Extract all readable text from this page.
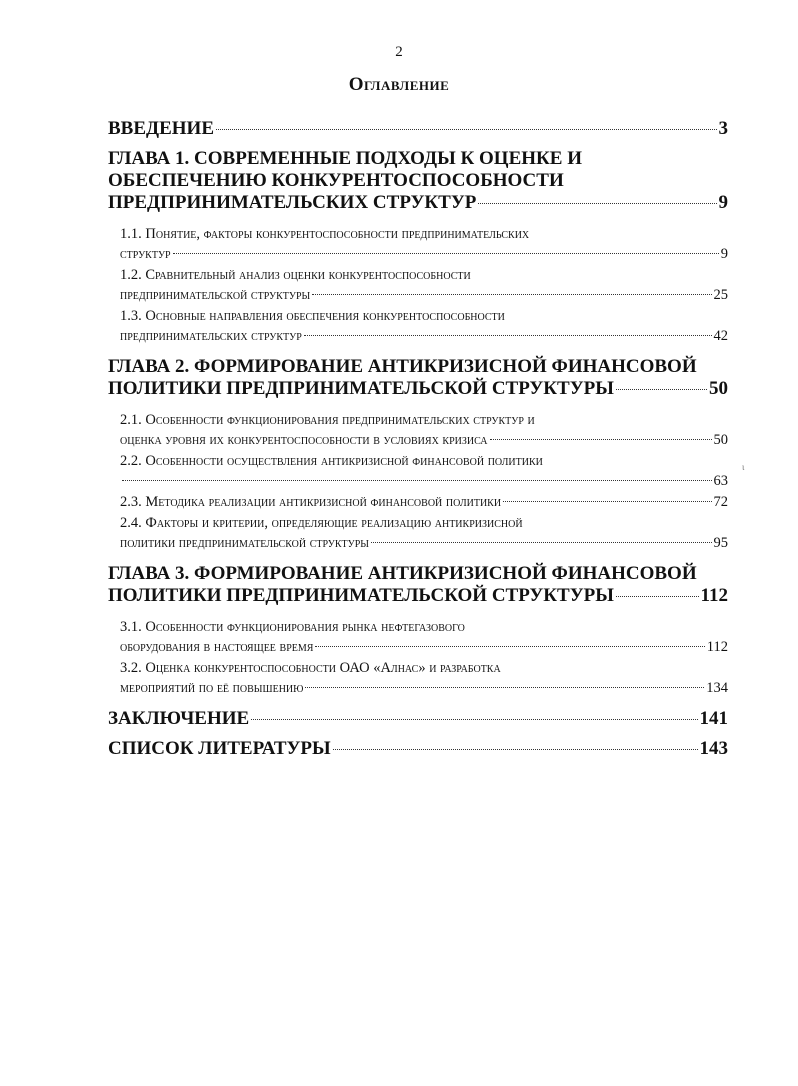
2
Оглавление
ι
ВВЕДЕНИЕ	3
ГЛАВА 1. СОВРЕМЕННЫЕ ПОДХОДЫ К ОЦЕНКЕ И
ОБЕСПЕЧЕНИЮ КОНКУРЕНТОСПОСОБНОСТИ
ПРЕДПРИНИМАТЕЛЬСКИХ СТРУКТУР	9
1.1. Понятие, факторы конкурентоспособности предпринимательских
структур	9
1.2. Сравнительный анализ оценки конкурентоспособности
предпринимательской структуры	25
1.3. Основные направления обеспечения конкурентоспособности
предпринимательских структур	42
ГЛАВА 2. ФОРМИРОВАНИЕ АНТИКРИЗИСНОЙ ФИНАНСОВОЙ
ПОЛИТИКИ ПРЕДПРИНИМАТЕЛЬСКОЙ СТРУКТУРЫ	50
2.1. Особенности функционирования предпринимательских структур и
оценка уровня их конкурентоспособности в условиях кризиса	50
2.2. Особенности осуществления антикризисной финансовой политики
63
2.3. Методика реализации антикризисной финансовой политики	72
2.4. Факторы и критерии, определяющие реализацию антикризисной
политики предпринимательской структуры	95
ГЛАВА 3. ФОРМИРОВАНИЕ АНТИКРИЗИСНОЙ ФИНАНСОВОЙ
ПОЛИТИКИ ПРЕДПРИНИМАТЕЛЬСКОЙ СТРУКТУРЫ	112
3.1. Особенности функционирования рынка нефтегазового
оборудования в настоящее время	112
3.2. Оценка конкурентоспособности ОАО «Алнас» и разработка
мероприятий по её повышению	134
ЗАКЛЮЧЕНИЕ	141
СПИСОК ЛИТЕРАТУРЫ	143
